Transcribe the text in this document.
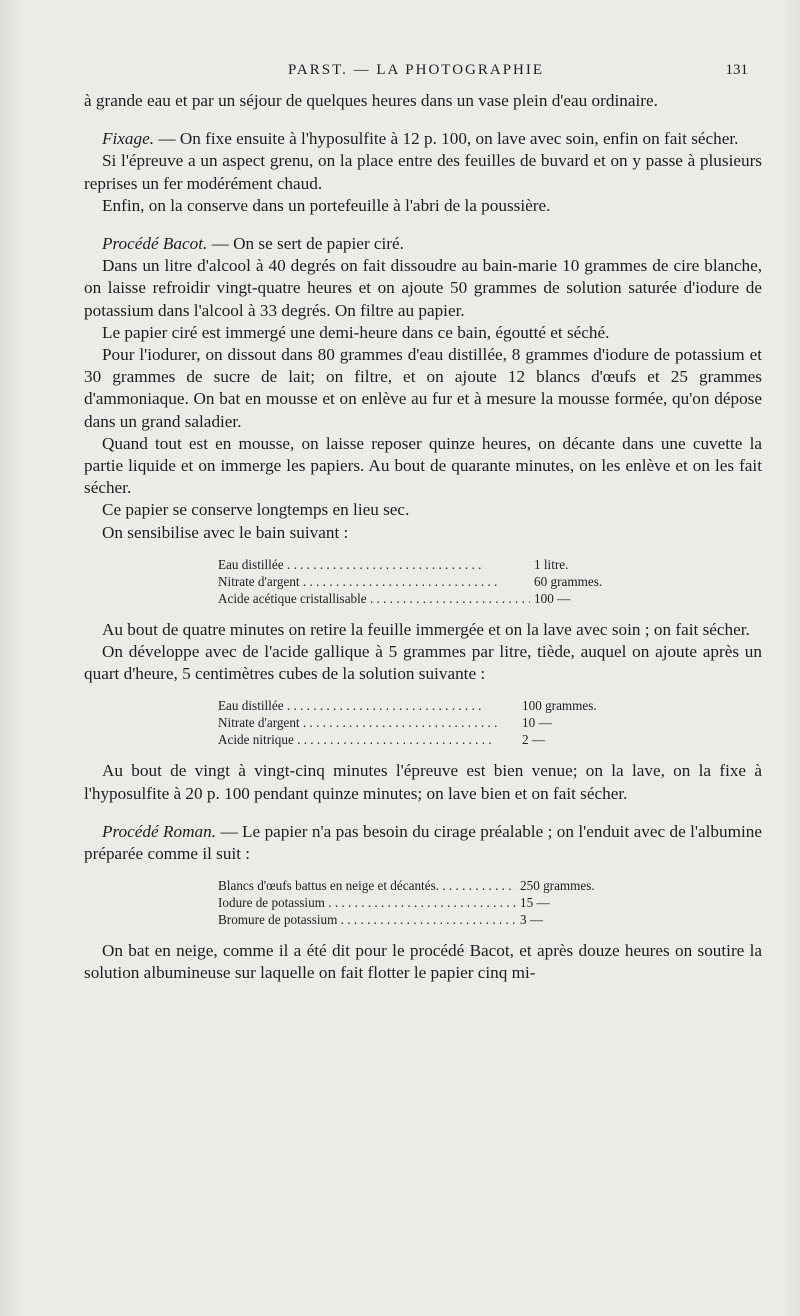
PARST. — LA PHOTOGRAPHIE	131

à grande eau et par un séjour de quelques heures dans un vase plein d'eau ordinaire.

Fixage. — On fixe ensuite à l'hyposulfite à 12 p. 100, on lave avec soin, enfin on fait sécher.

Si l'épreuve a un aspect grenu, on la place entre des feuilles de buvard et on y passe à plusieurs reprises un fer modérément chaud.

Enfin, on la conserve dans un portefeuille à l'abri de la poussière.

Procédé Bacot. — On se sert de papier ciré.

Dans un litre d'alcool à 40 degrés on fait dissoudre au bain-marie 10 grammes de cire blanche, on laisse refroidir vingt-quatre heures et on ajoute 50 grammes de solution saturée d'iodure de potassium dans l'alcool à 33 degrés. On filtre au papier.

Le papier ciré est immergé une demi-heure dans ce bain, égoutté et séché.

Pour l'iodurer, on dissout dans 80 grammes d'eau distillée, 8 grammes d'iodure de potassium et 30 grammes de sucre de lait; on filtre, et on ajoute 12 blancs d'œufs et 25 grammes d'ammoniaque. On bat en mousse et on enlève au fur et à mesure la mousse formée, qu'on dépose dans un grand saladier.

Quand tout est en mousse, on laisse reposer quinze heures, on décante dans une cuvette la partie liquide et on immerge les papiers. Au bout de quarante minutes, on les enlève et on les fait sécher.

Ce papier se conserve longtemps en lieu sec.

On sensibilise avec le bain suivant :

Eau distillée . . .	1 litre.
Nitrate d'argent . . .	60 grammes.
Acide acétique cristallisable . . .	100 —

Au bout de quatre minutes on retire la feuille immergée et on la lave avec soin ; on fait sécher.

On développe avec de l'acide gallique à 5 grammes par litre, tiède, auquel on ajoute après un quart d'heure, 5 centimètres cubes de la solution suivante :

Eau distillée . . .	100 grammes.
Nitrate d'argent . . .	10 —
Acide nitrique . . .	2 —

Au bout de vingt à vingt-cinq minutes l'épreuve est bien venue; on la lave, on la fixe à l'hyposulfite à 20 p. 100 pendant quinze minutes; on lave bien et on fait sécher.

Procédé Roman. — Le papier n'a pas besoin du cirage préalable ; on l'enduit avec de l'albumine préparée comme il suit :

Blancs d'œufs battus en neige et décantés. . . .	250 grammes.
Iodure de potassium . . .	15 —
Bromure de potassium . . .	3 —

On bat en neige, comme il a été dit pour le procédé Bacot, et après douze heures on soutire la solution albumineuse sur laquelle on fait flotter le papier cinq mi-
